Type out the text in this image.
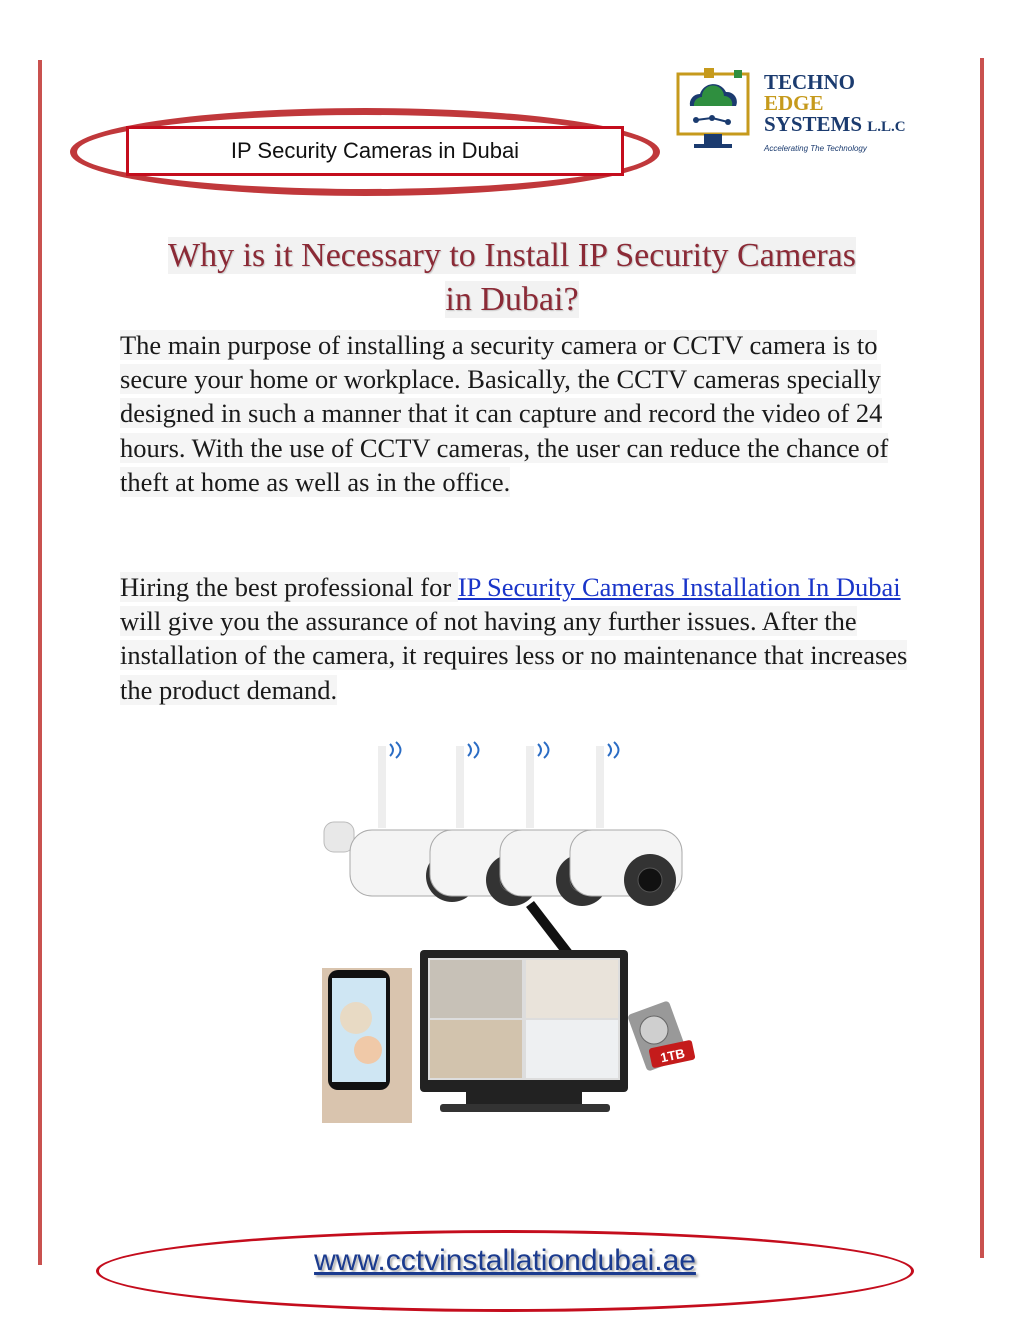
IP Security Cameras in Dubai
TECHNO
EDGE
SYSTEMS L.L.C
Accelerating The Technology
Why is it Necessary to Install IP Security Cameras
in Dubai?
The main purpose of installing a security camera or CCTV camera is to secure your home or workplace. Basically, the CCTV cameras specially designed in such a manner that it can capture and record the video of 24 hours. With the use of CCTV cameras, the user can reduce the chance of theft at home as well as in the office.
Hiring the best professional for IP Security Cameras Installation In Dubai will give you the assurance of not having any further issues. After the installation of the camera, it requires less or no maintenance that increases the product demand.
1TB
www.cctvinstallationdubai.ae
